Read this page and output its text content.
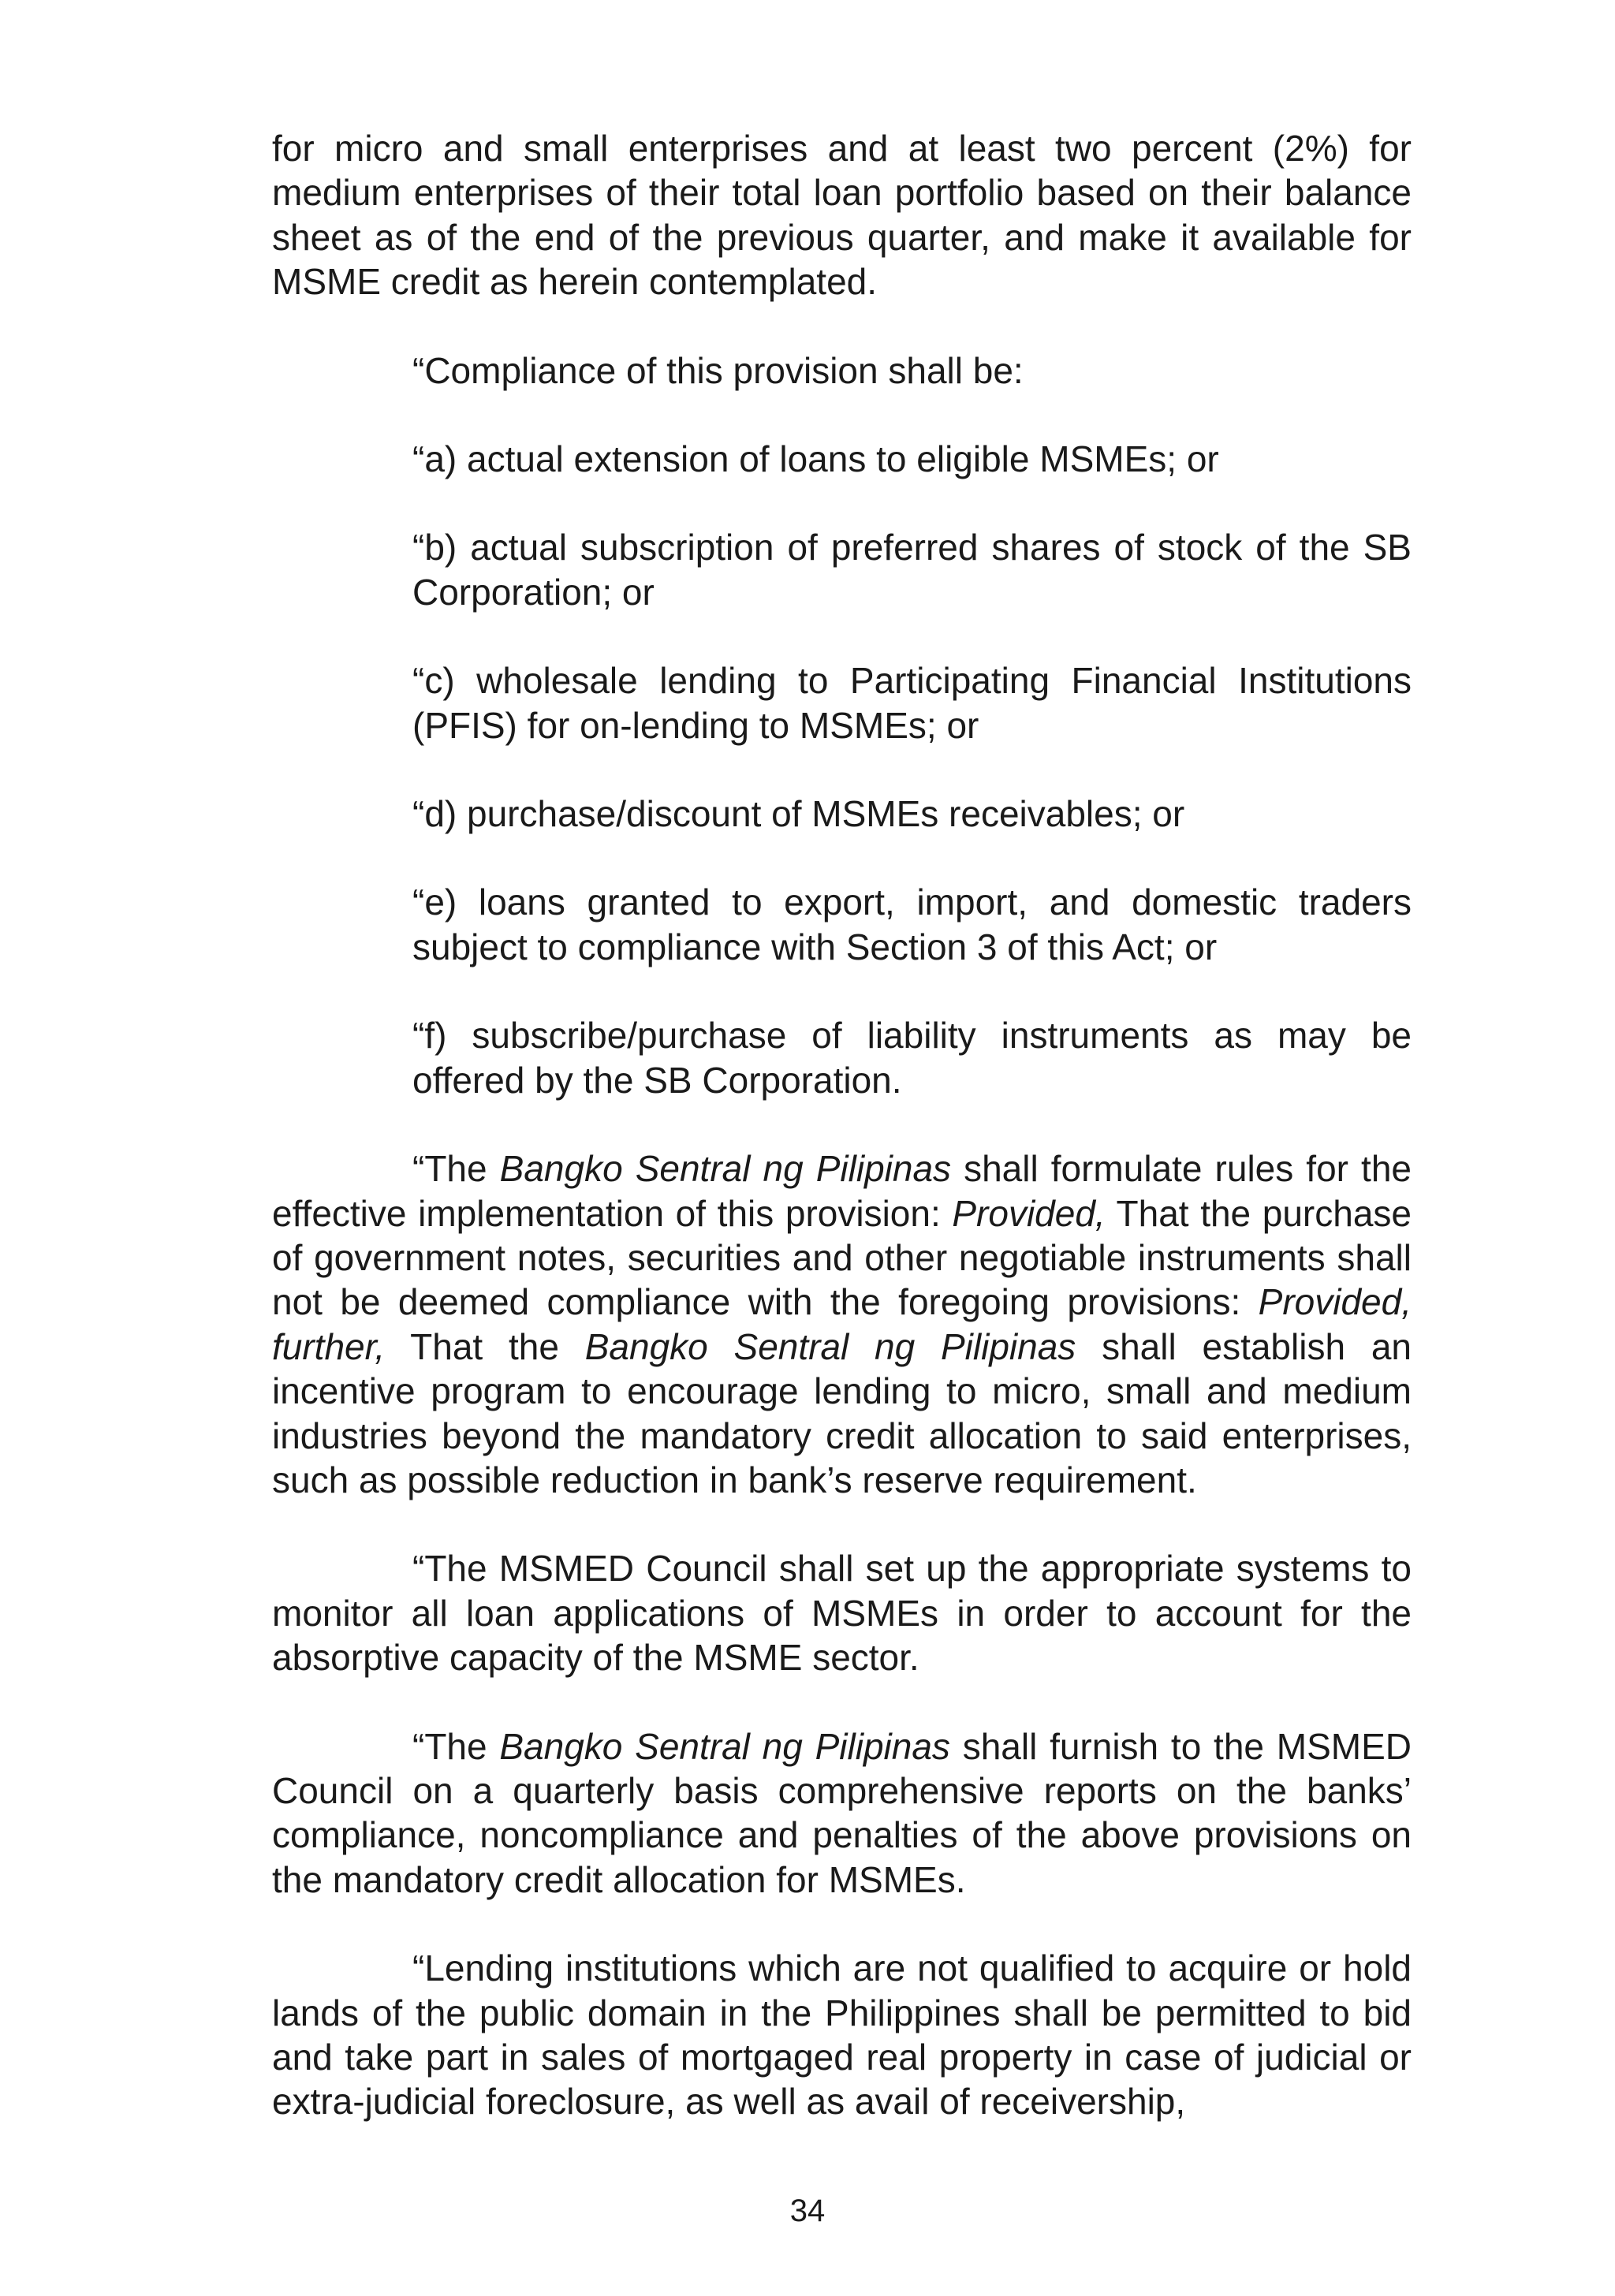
for micro and small enterprises and at least two percent (2%) for medium enterprises of their total loan portfolio based on their balance sheet as of the end of the previous quarter, and make it available for MSME credit as herein contemplated.

“Compliance of this provision shall be:

“a) actual extension of loans to eligible MSMEs; or

“b) actual subscription of preferred shares of stock of the SB Corporation; or

“c) wholesale lending to Participating Financial Institutions (PFIS) for on-lending to MSMEs; or

“d) purchase/discount of MSMEs receivables; or

“e) loans granted to export, import, and domestic traders subject to compliance with Section 3 of this Act; or

“f) subscribe/purchase of liability instruments as may be offered by the SB Corporation.

“The Bangko Sentral ng Pilipinas shall formulate rules for the effective implementation of this provision: Provided, That the purchase of government notes, securities and other negotiable instruments shall not be deemed compliance with the foregoing provisions: Provided, further, That the Bangko Sentral ng Pilipinas shall establish an incentive program to encourage lending to micro, small and medium industries beyond the mandatory credit allocation to said enterprises, such as possible reduction in bank’s reserve requirement.

“The MSMED Council shall set up the appropriate systems to monitor all loan applications of MSMEs in order to account for the absorptive capacity of the MSME sector.

“The Bangko Sentral ng Pilipinas shall furnish to the MSMED Council on a quarterly basis comprehensive reports on the banks’ compliance, noncompliance and penalties of the above provisions on the mandatory credit allocation for MSMEs.

“Lending institutions which are not qualified to acquire or hold lands of the public domain in the Philippines shall be permitted to bid and take part in sales of mortgaged real property in case of judicial or extra-judicial foreclosure, as well as avail of receivership,

34
